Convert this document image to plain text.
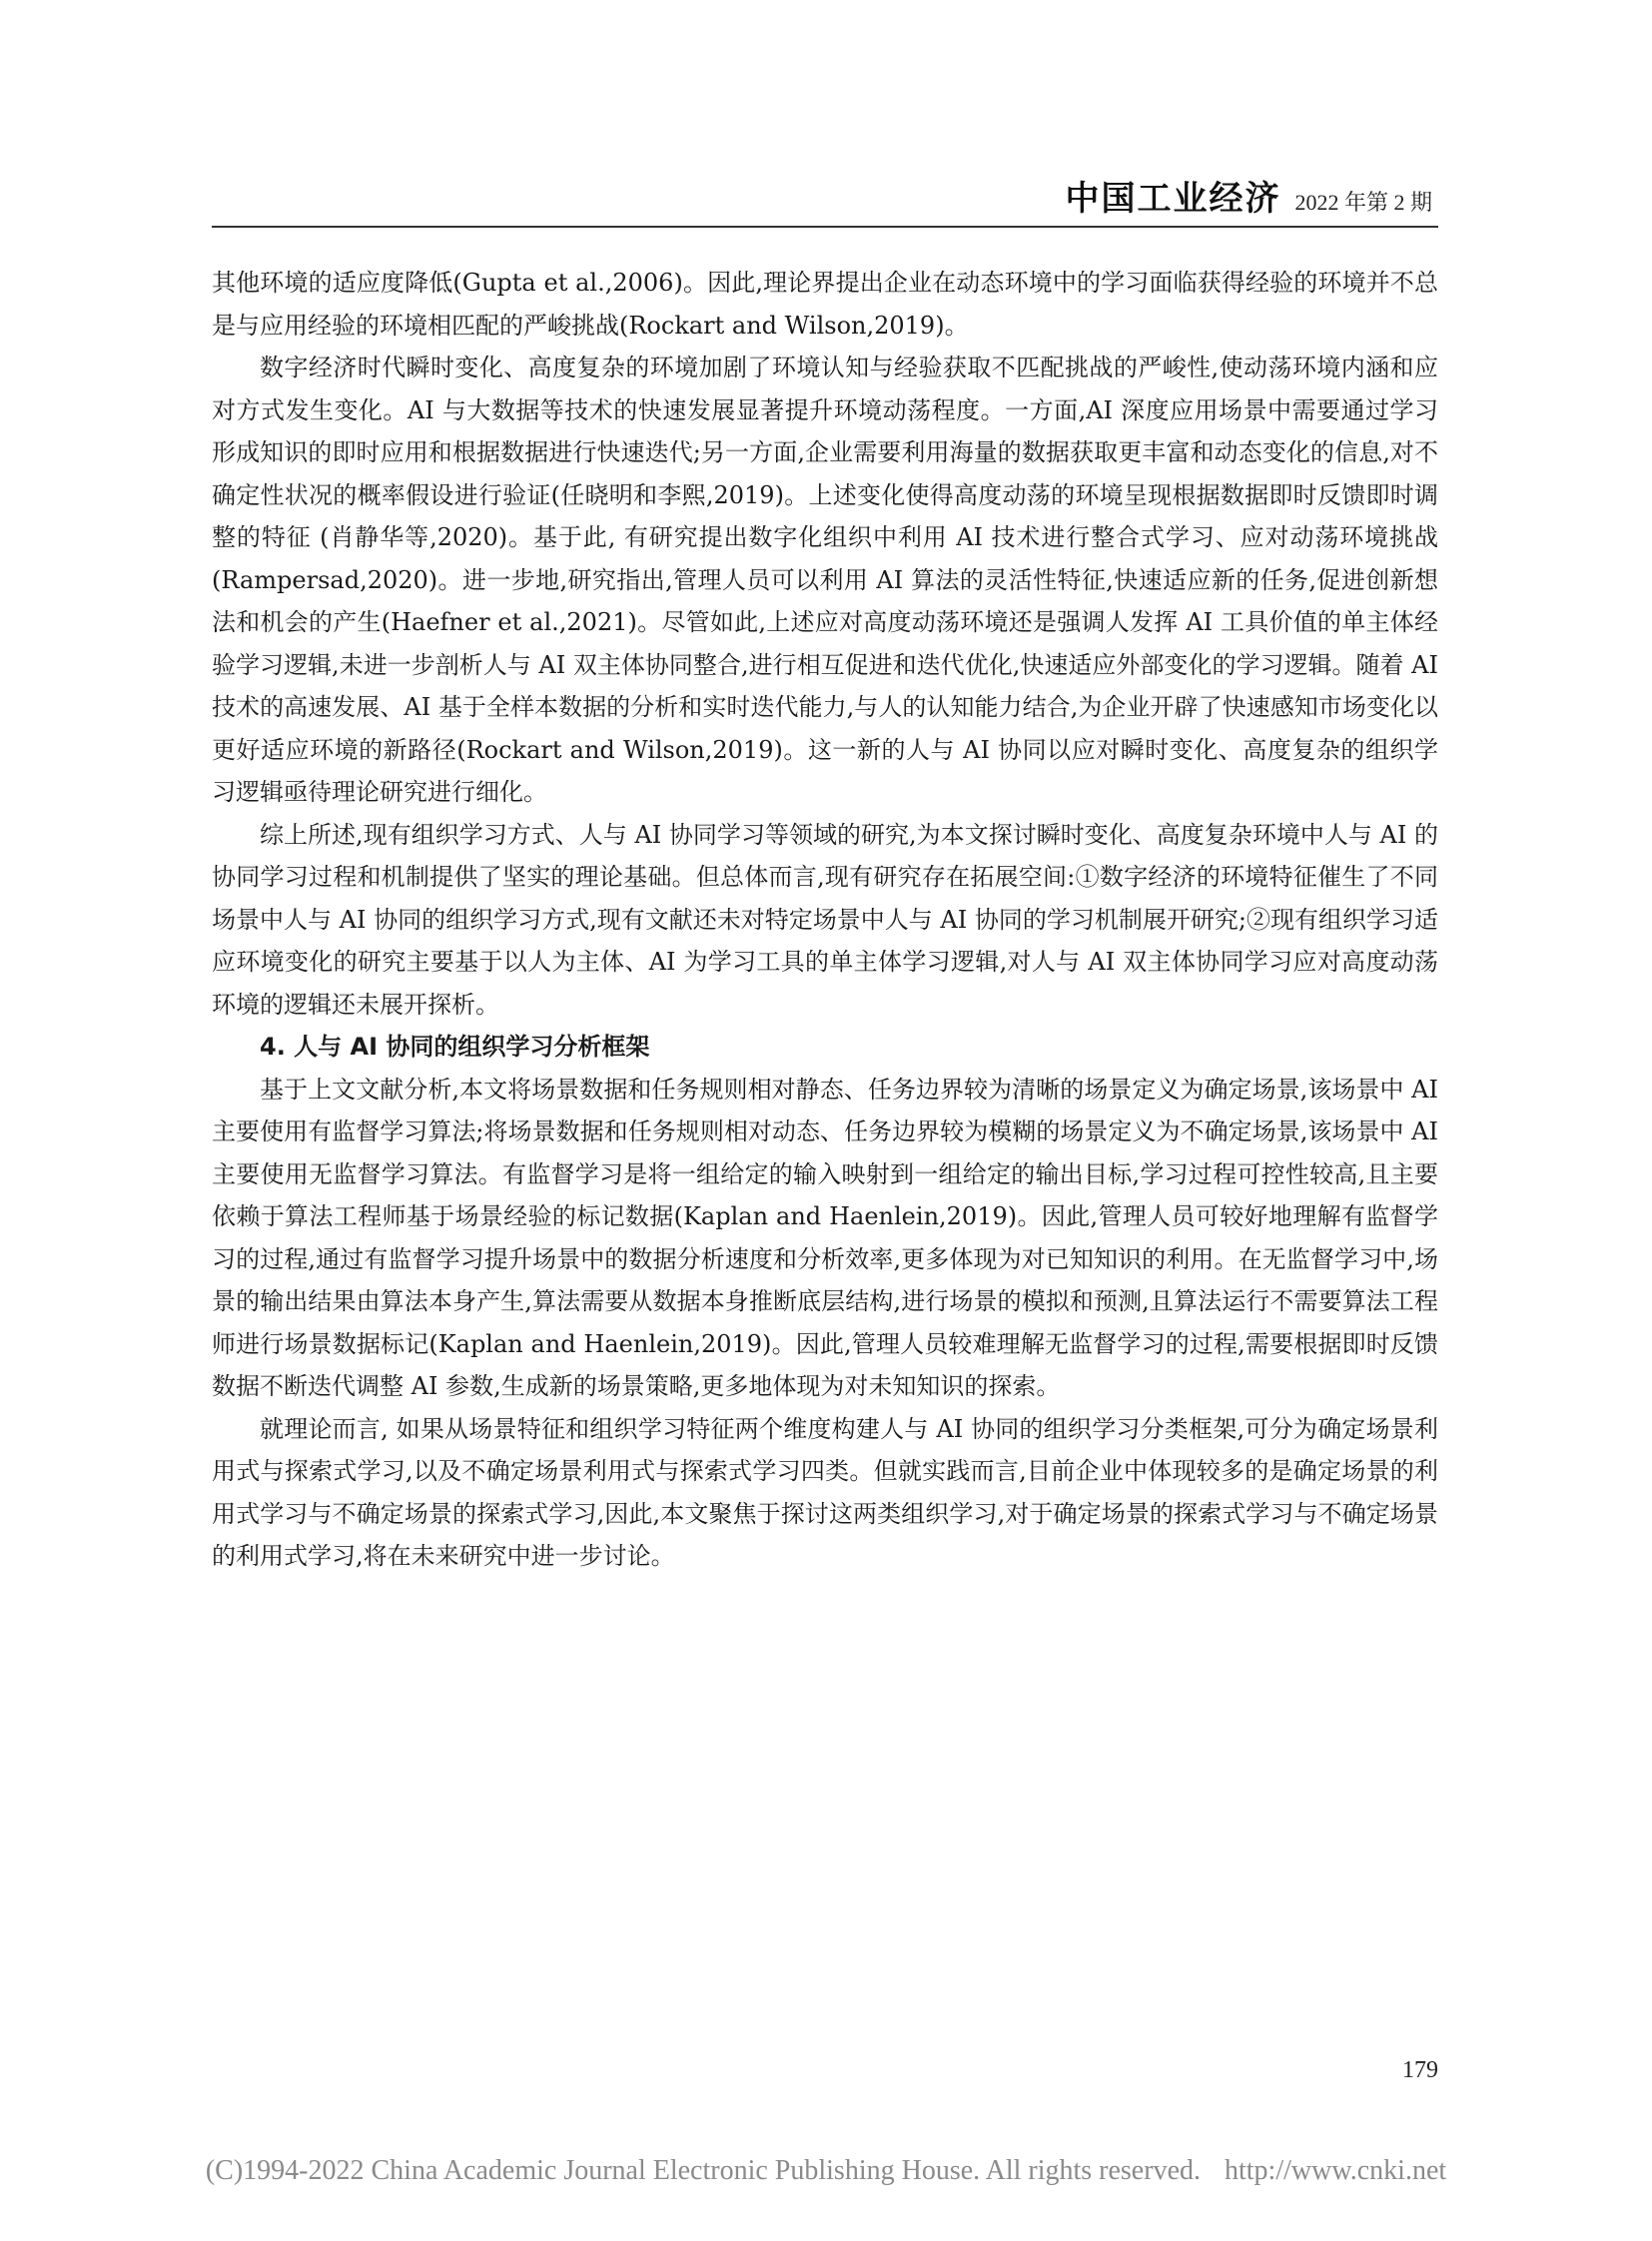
中国工业经济 2022 年第 2 期

其他环境的适应度降低(Gupta et al.,2006)。因此,理论界提出企业在动态环境中的学习面临获得经验的环境并不总是与应用经验的环境相匹配的严峻挑战(Rockart and Wilson,2019)。

数字经济时代瞬时变化、高度复杂的环境加剧了环境认知与经验获取不匹配挑战的严峻性,使动荡环境内涵和应对方式发生变化。AI 与大数据等技术的快速发展显著提升环境动荡程度。一方面,AI 深度应用场景中需要通过学习形成知识的即时应用和根据数据进行快速迭代;另一方面,企业需要利用海量的数据获取更丰富和动态变化的信息,对不确定性状况的概率假设进行验证(任晓明和李熙,2019)。上述变化使得高度动荡的环境呈现根据数据即时反馈即时调整的特征 (肖静华等,2020)。基于此, 有研究提出数字化组织中利用 AI 技术进行整合式学习、应对动荡环境挑战(Rampersad,2020)。进一步地,研究指出,管理人员可以利用 AI 算法的灵活性特征,快速适应新的任务,促进创新想法和机会的产生(Haefner et al.,2021)。尽管如此,上述应对高度动荡环境还是强调人发挥 AI 工具价值的单主体经验学习逻辑,未进一步剖析人与 AI 双主体协同整合,进行相互促进和迭代优化,快速适应外部变化的学习逻辑。随着 AI 技术的高速发展、AI 基于全样本数据的分析和实时迭代能力,与人的认知能力结合,为企业开辟了快速感知市场变化以更好适应环境的新路径(Rockart and Wilson,2019)。这一新的人与 AI 协同以应对瞬时变化、高度复杂的组织学习逻辑亟待理论研究进行细化。

综上所述,现有组织学习方式、人与 AI 协同学习等领域的研究,为本文探讨瞬时变化、高度复杂环境中人与 AI 的协同学习过程和机制提供了坚实的理论基础。但总体而言,现有研究存在拓展空间:①数字经济的环境特征催生了不同场景中人与 AI 协同的组织学习方式,现有文献还未对特定场景中人与 AI 协同的学习机制展开研究;②现有组织学习适应环境变化的研究主要基于以人为主体、AI 为学习工具的单主体学习逻辑,对人与 AI 双主体协同学习应对高度动荡环境的逻辑还未展开探析。

4. 人与 AI 协同的组织学习分析框架

基于上文文献分析,本文将场景数据和任务规则相对静态、任务边界较为清晰的场景定义为确定场景,该场景中 AI 主要使用有监督学习算法;将场景数据和任务规则相对动态、任务边界较为模糊的场景定义为不确定场景,该场景中 AI 主要使用无监督学习算法。有监督学习是将一组给定的输入映射到一组给定的输出目标,学习过程可控性较高,且主要依赖于算法工程师基于场景经验的标记数据(Kaplan and Haenlein,2019)。因此,管理人员可较好地理解有监督学习的过程,通过有监督学习提升场景中的数据分析速度和分析效率,更多体现为对已知知识的利用。在无监督学习中,场景的输出结果由算法本身产生,算法需要从数据本身推断底层结构,进行场景的模拟和预测,且算法运行不需要算法工程师进行场景数据标记(Kaplan and Haenlein,2019)。因此,管理人员较难理解无监督学习的过程,需要根据即时反馈数据不断迭代调整 AI 参数,生成新的场景策略,更多地体现为对未知知识的探索。

就理论而言, 如果从场景特征和组织学习特征两个维度构建人与 AI 协同的组织学习分类框架,可分为确定场景利用式与探索式学习,以及不确定场景利用式与探索式学习四类。但就实践而言,目前企业中体现较多的是确定场景的利用式学习与不确定场景的探索式学习,因此,本文聚焦于探讨这两类组织学习,对于确定场景的探索式学习与不确定场景的利用式学习,将在未来研究中进一步讨论。

179
(C)1994-2022 China Academic Journal Electronic Publishing House. All rights reserved. http://www.cnki.net
